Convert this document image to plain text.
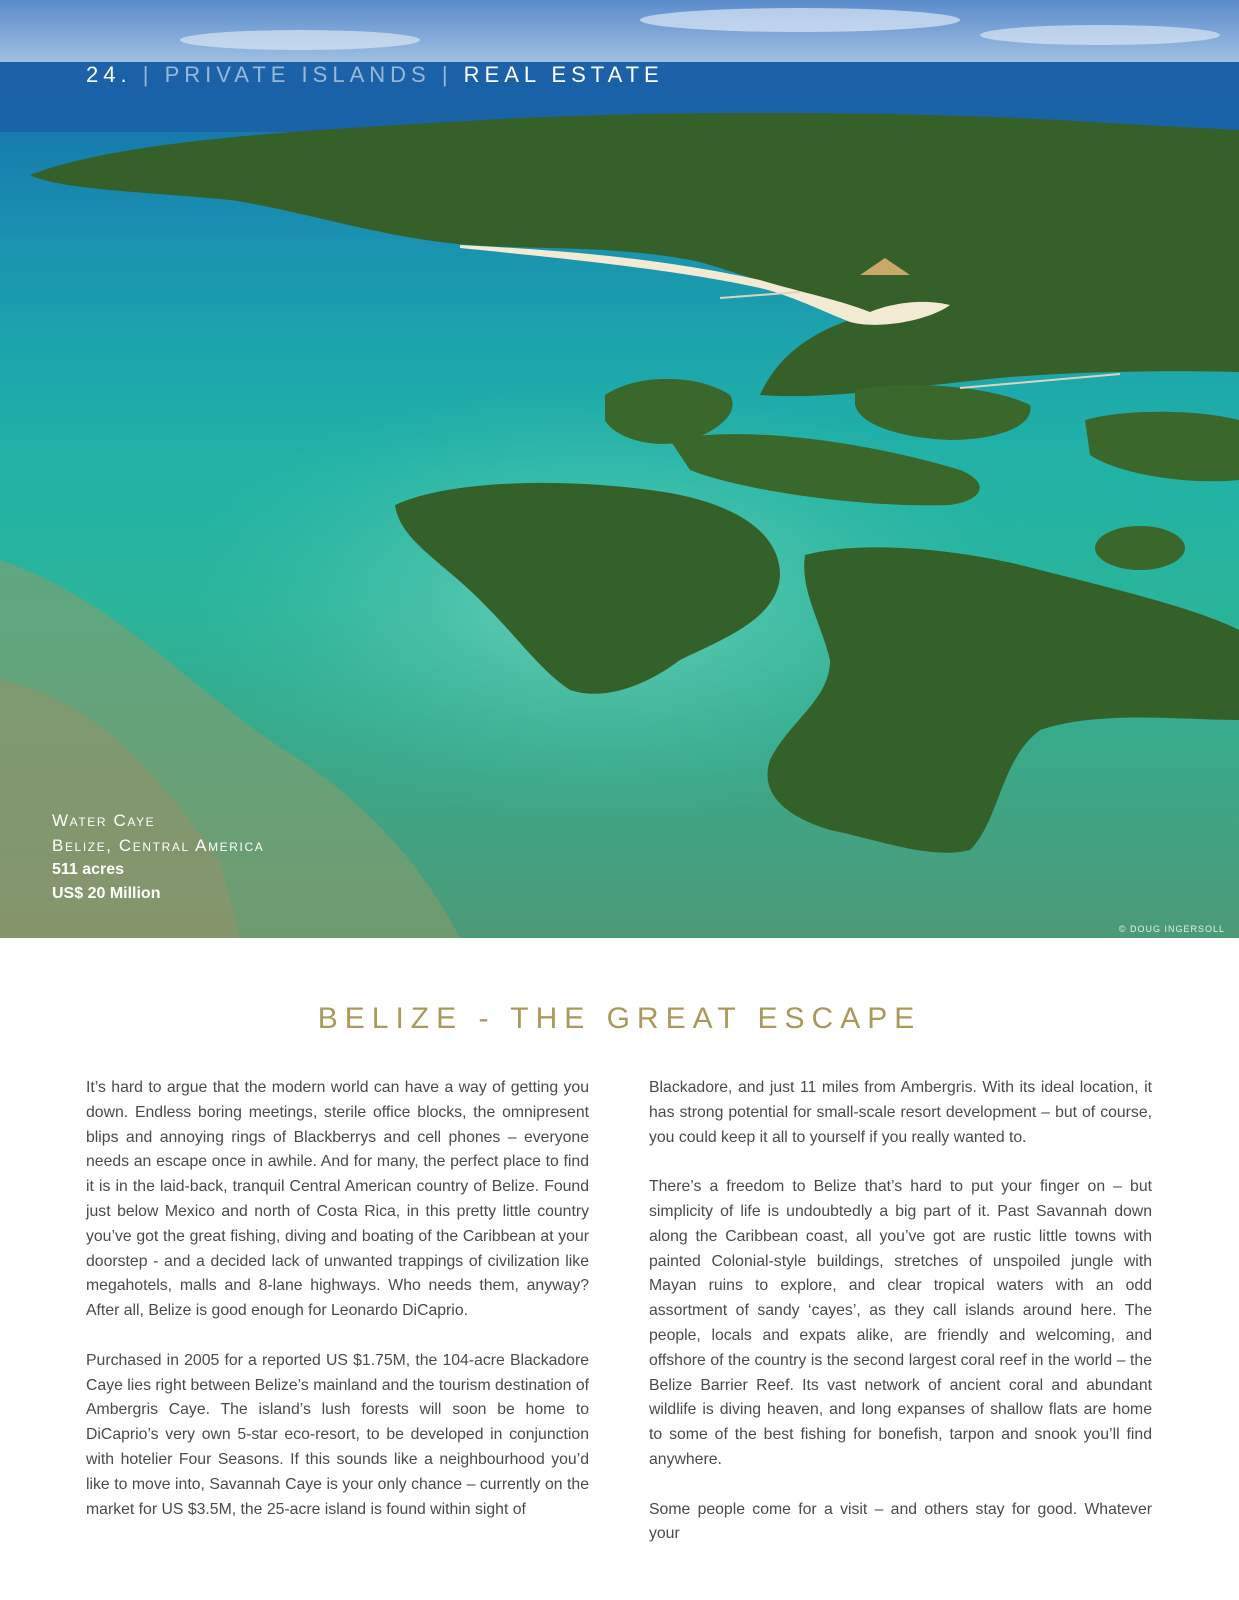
24. | PRIVATE ISLANDS | REAL ESTATE
Water Caye
Belize, Central America
511 acres
US$ 20 Million
© DOUG INGERSOLL
BELIZE - THE GREAT ESCAPE

It’s hard to argue that the modern world can have a way of getting you down. Endless boring meetings, sterile office blocks, the omnipresent blips and annoying rings of Blackberrys and cell phones – everyone needs an escape once in awhile. And for many, the perfect place to find it is in the laid-back, tranquil Central American country of Belize. Found just below Mexico and north of Costa Rica, in this pretty little country you’ve got the great fishing, diving and boating of the Caribbean at your doorstep - and a decided lack of unwanted trappings of civilization like megahotels, malls and 8-lane highways. Who needs them, anyway? After all, Belize is good enough for Leonardo DiCaprio.

Purchased in 2005 for a reported US $1.75M, the 104-acre Blackadore Caye lies right between Belize’s mainland and the tourism destination of Ambergris Caye. The island’s lush forests will soon be home to DiCaprio’s very own 5-star eco-resort, to be developed in conjunction with hotelier Four Seasons. If this sounds like a neighbourhood you’d like to move into, Savannah Caye is your only chance – currently on the market for US $3.5M, the 25-acre island is found within sight of

Blackadore, and just 11 miles from Ambergris. With its ideal location, it has strong potential for small-scale resort development – but of course, you could keep it all to yourself if you really wanted to.

There’s a freedom to Belize that’s hard to put your finger on – but simplicity of life is undoubtedly a big part of it. Past Savannah down along the Caribbean coast, all you’ve got are rustic little towns with painted Colonial-style buildings, stretches of unspoiled jungle with Mayan ruins to explore, and clear tropical waters with an odd assortment of sandy ‘cayes’, as they call islands around here. The people, locals and expats alike, are friendly and welcoming, and offshore of the country is the second largest coral reef in the world – the Belize Barrier Reef. Its vast network of ancient coral and abundant wildlife is diving heaven, and long expanses of shallow flats are home to some of the best fishing for bonefish, tarpon and snook you’ll find anywhere.

Some people come for a visit – and others stay for good. Whatever your
